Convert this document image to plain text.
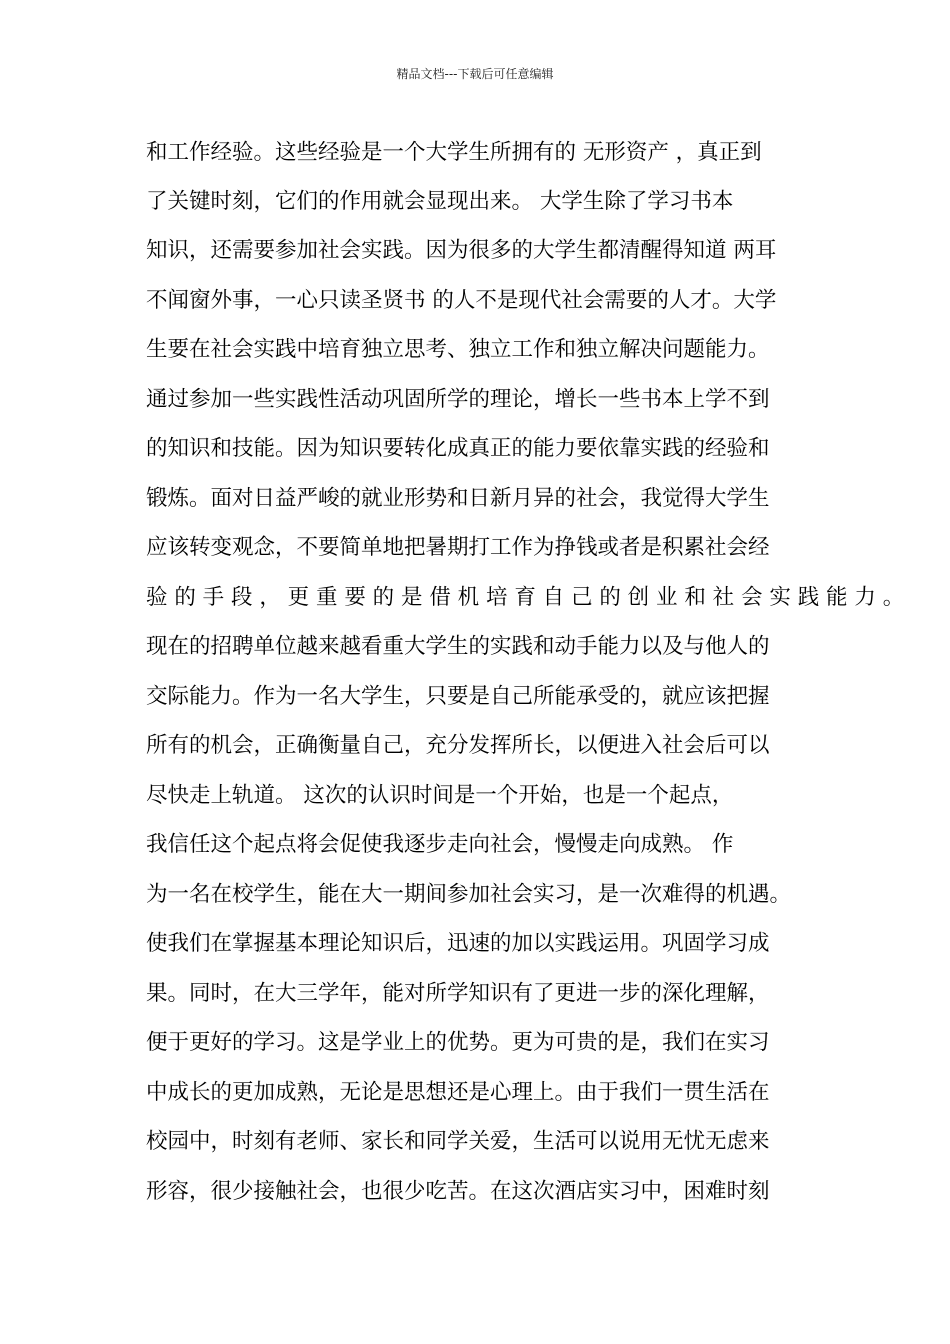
精品文档---下载后可任意编辑
和工作经验。这些经验是一个大学生所拥有的 无形资产 ，真正到
了关键时刻，它们的作用就会显现出来。 大学生除了学习书本
知识，还需要参加社会实践。因为很多的大学生都清醒得知道 两耳
不闻窗外事，一心只读圣贤书 的人不是现代社会需要的人才。大学
生要在社会实践中培育独立思考、独立工作和独立解决问题能力。
通过参加一些实践性活动巩固所学的理论，增长一些书本上学不到
的知识和技能。因为知识要转化成真正的能力要依靠实践的经验和
锻炼。面对日益严峻的就业形势和日新月异的社会，我觉得大学生
应该转变观念，不要简单地把暑期打工作为挣钱或者是积累社会经
验 的 手 段 ， 更 重 要 的 是 借 机 培 育 自 己 的 创 业 和 社 会 实 践 能 力 。
现在的招聘单位越来越看重大学生的实践和动手能力以及与他人的
交际能力。作为一名大学生，只要是自己所能承受的，就应该把握
所有的机会，正确衡量自己，充分发挥所长，以便进入社会后可以
尽快走上轨道。 这次的认识时间是一个开始，也是一个起点，
我信任这个起点将会促使我逐步走向社会，慢慢走向成熟。 作
为一名在校学生，能在大一期间参加社会实习，是一次难得的机遇。
使我们在掌握基本理论知识后，迅速的加以实践运用。巩固学习成
果。同时，在大三学年，能对所学知识有了更进一步的深化理解，
便于更好的学习。这是学业上的优势。更为可贵的是，我们在实习
中成长的更加成熟，无论是思想还是心理上。由于我们一贯生活在
校园中，时刻有老师、家长和同学关爱，生活可以说用无忧无虑来
形容，很少接触社会，也很少吃苦。在这次酒店实习中，困难时刻
